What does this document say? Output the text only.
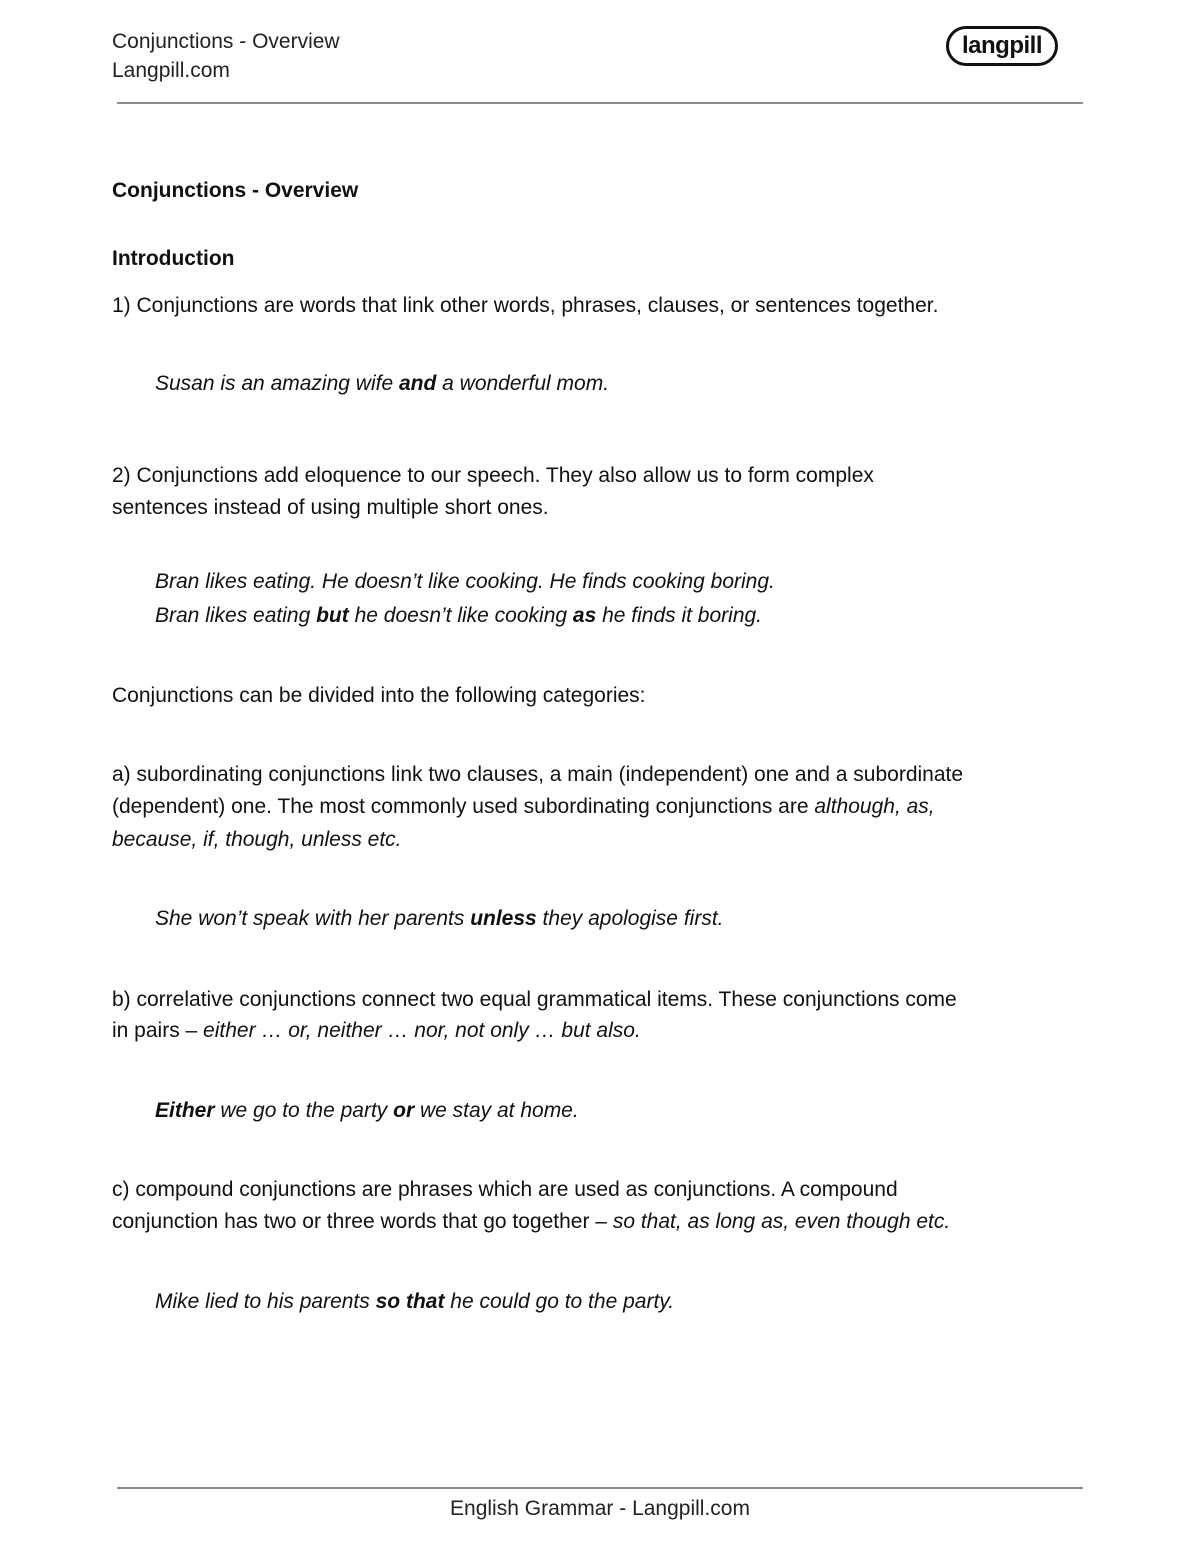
Conjunctions - Overview
Langpill.com
langpill
Conjunctions - Overview
Introduction
1) Conjunctions are words that link other words, phrases, clauses, or sentences together.
Susan is an amazing wife and a wonderful mom.
2) Conjunctions add eloquence to our speech. They also allow us to form complex
sentences instead of using multiple short ones.
Bran likes eating. He doesn’t like cooking. He finds cooking boring.
Bran likes eating but he doesn’t like cooking as he finds it boring.
Conjunctions can be divided into the following categories:
a) subordinating conjunctions link two clauses, a main (independent) one and a subordinate
(dependent) one. The most commonly used subordinating conjunctions are although, as,
because, if, though, unless etc.
She won’t speak with her parents unless they apologise first.
b) correlative conjunctions connect two equal grammatical items. These conjunctions come
in pairs – either … or, neither … nor, not only … but also.
Either we go to the party or we stay at home.
c) compound conjunctions are phrases which are used as conjunctions. A compound
conjunction has two or three words that go together – so that, as long as, even though etc.
Mike lied to his parents so that he could go to the party.
English Grammar - Langpill.com
